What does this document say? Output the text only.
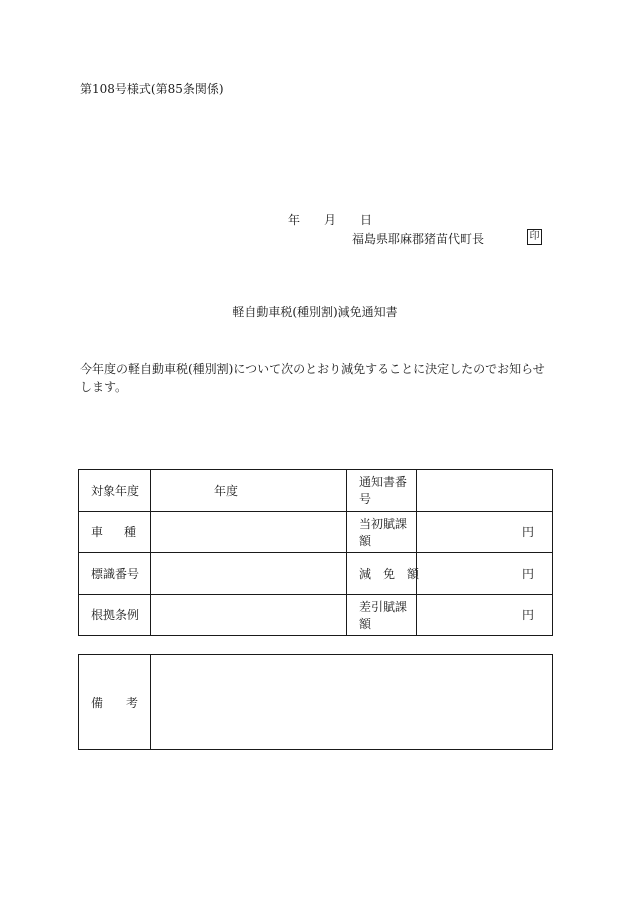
第108号様式(第85条関係)
年 月 日
福島県耶麻郡猪苗代町長	印
軽自動車税(種別割)減免通知書
今年度の軽自動車税(種別割)について次のとおり減免することに決定したのでお知らせします。
対象年度	年度	通知書番号	

車 種		当初賦課額	円
標識番号		減 免 額	円
根拠条例		差引賦課額	円
備 考
